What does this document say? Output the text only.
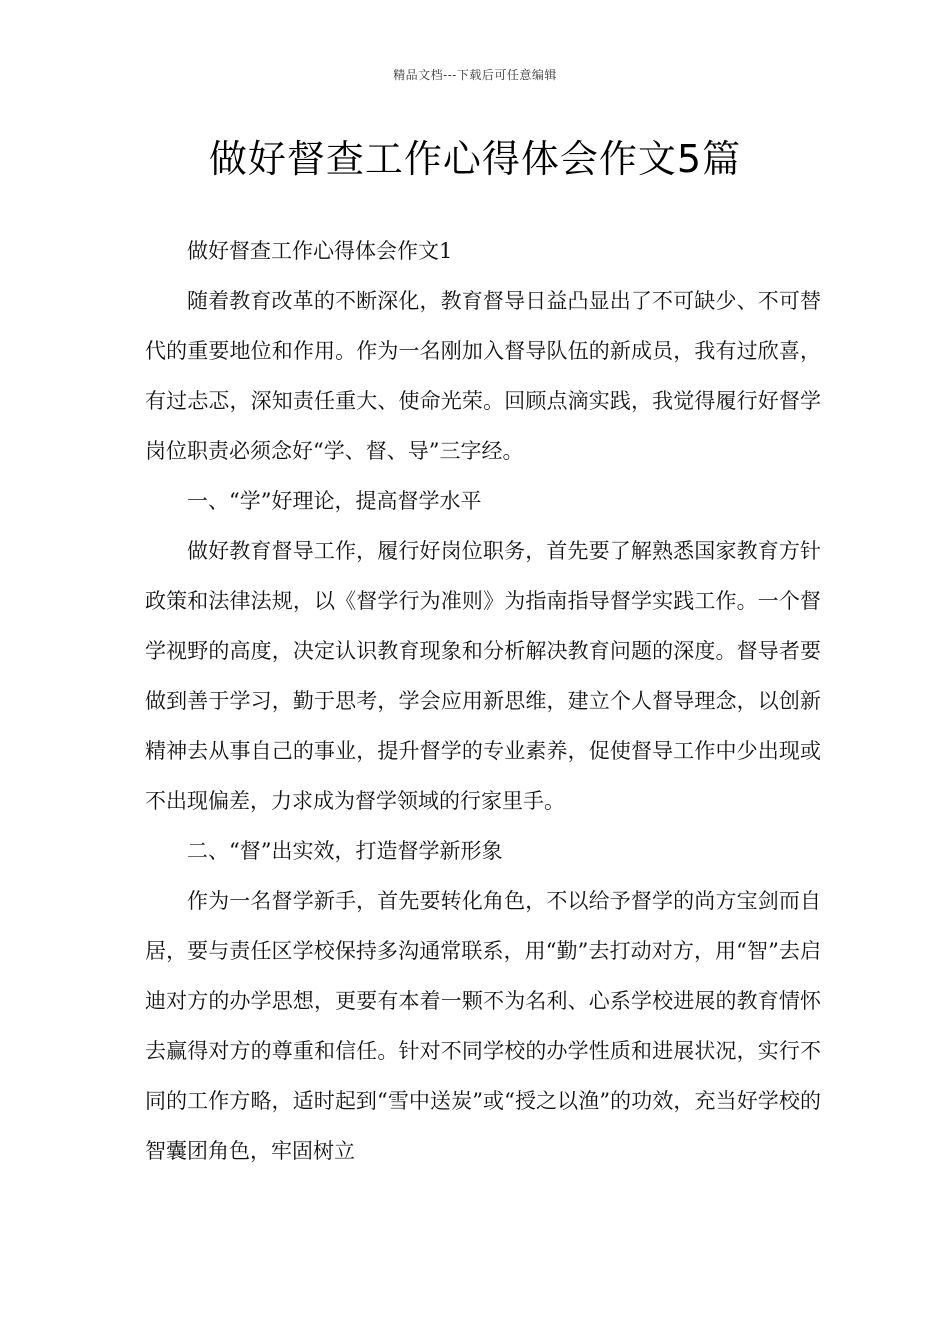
精品文档---下载后可任意编辑
做好督查工作心得体会作文5篇

做好督查工作心得体会作文1

随着教育改革的不断深化，教育督导日益凸显出了不可缺少、不可替代的重要地位和作用。作为一名刚加入督导队伍的新成员，我有过欣喜，有过忐忑，深知责任重大、使命光荣。回顾点滴实践，我觉得履行好督学岗位职责必须念好“学、督、导”三字经。

一、“学”好理论，提高督学水平

做好教育督导工作，履行好岗位职务，首先要了解熟悉国家教育方针政策和法律法规，以《督学行为准则》为指南指导督学实践工作。一个督学视野的高度，决定认识教育现象和分析解决教育问题的深度。督导者要做到善于学习，勤于思考，学会应用新思维，建立个人督导理念，以创新精神去从事自己的事业，提升督学的专业素养，促使督导工作中少出现或不出现偏差，力求成为督学领域的行家里手。

二、“督”出实效，打造督学新形象

作为一名督学新手，首先要转化角色，不以给予督学的尚方宝剑而自居，要与责任区学校保持多沟通常联系，用“勤”去打动对方，用“智”去启迪对方的办学思想，更要有本着一颗不为名利、心系学校进展的教育情怀去赢得对方的尊重和信任。针对不同学校的办学性质和进展状况，实行不同的工作方略，适时起到“雪中送炭”或“授之以渔”的功效，充当好学校的智囊团角色，牢固树立
